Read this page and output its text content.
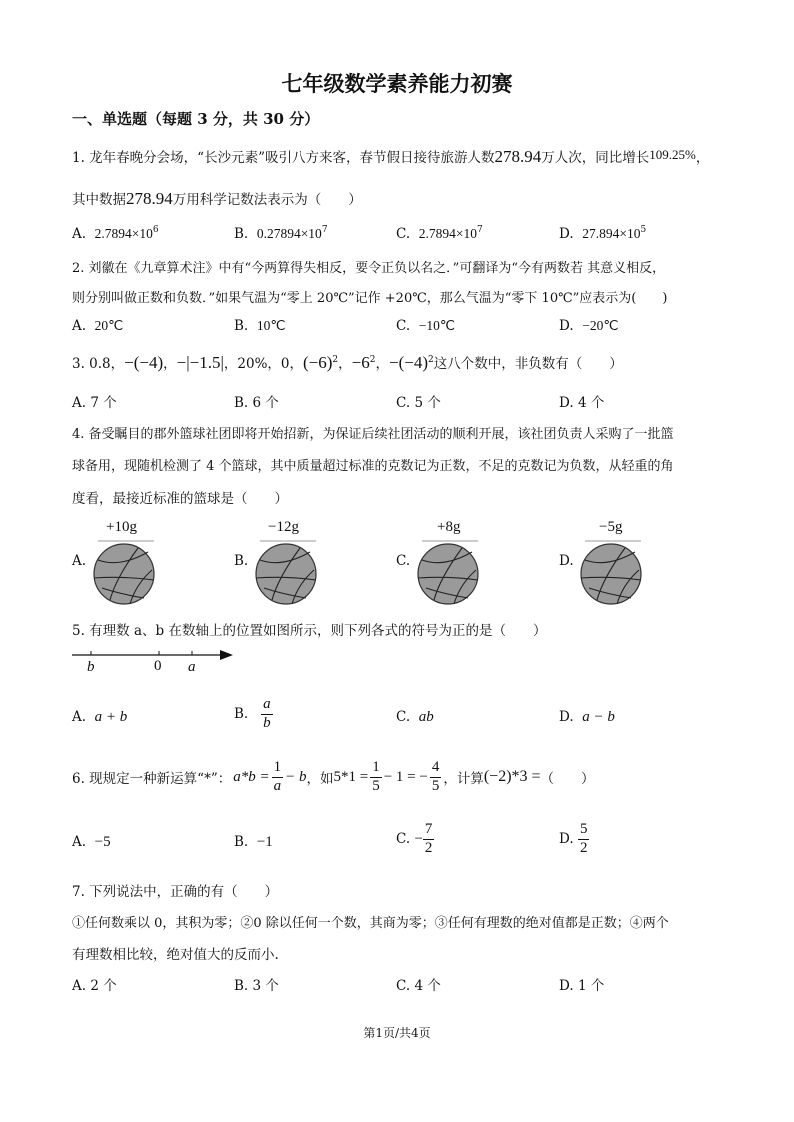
七年级数学素养能力初赛
一、单选题（每题 3 分，共 30 分）
1. 龙年春晚分会场，“长沙元素”吸引八方来客，春节假日接待旅游人数278.94万人次，同比增长109.25%，
其中数据278.94万用科学记数法表示为（　　）
A. $2.7894\times 10^6$	B. $0.27894\times 10^7$	C. $2.7894\times 10^7$	D. $27.894\times 10^5$
2. 刘徽在《九章算术注》中有“今两算得失相反，要令正负以名之．”可翻译为“今有两数若 其意义相反，
则分别叫做正数和负数．”如果气温为“零上 20℃”记作 +20℃，那么气温为“零下 10℃”应表示为(　　)
A. 20℃	B. 10℃	C. −10℃	D. −20℃
3. 0.8，−(−4)，−|−1.5|，20%，0，$(-6)^2$，$-6^2$，$-(-4)^2$这八个数中，非负数有（　　）
A. 7 个	B. 6 个	C. 5 个	D. 4 个
4. 备受瞩目的郡外篮球社团即将开始招新，为保证后续社团活动的顺利开展，该社团负责人采购了一批篮
球备用，现随机检测了 4 个篮球，其中质量超过标准的克数记为正数，不足的克数记为负数，从轻重的角
度看，最接近标准的篮球是（　　）
+10g	−12g	+8g	−5g
A.	B.	C.	D.
5. 有理数 a、b 在数轴上的位置如图所示，则下列各式的符号为正的是（　　）
b	0 a
A. a + b	B. $\frac{a}{b}$	C. ab	D. a − b
6. 现规定一种新运算“*”： $a*b = \frac{1}{a} - b$ ，如 $5*1 = \frac{1}{5} - 1$ = − $\frac{4}{5}$ ，计算 (−2)*3 = （　　）
A. −5	B. −1	C.
− $\frac{7}{2}$	D.
$\frac{5}{2}$
7. 下列说法中，正确的有（　　）
①任何数乘以 0，其积为零；②0 除以任何一个数，其商为零；③任何有理数的绝对值都是正数；④两个
有理数相比较，绝对值大的反而小.
A. 2 个	B. 3 个	C. 4 个	D. 1 个
第1页/共4页
